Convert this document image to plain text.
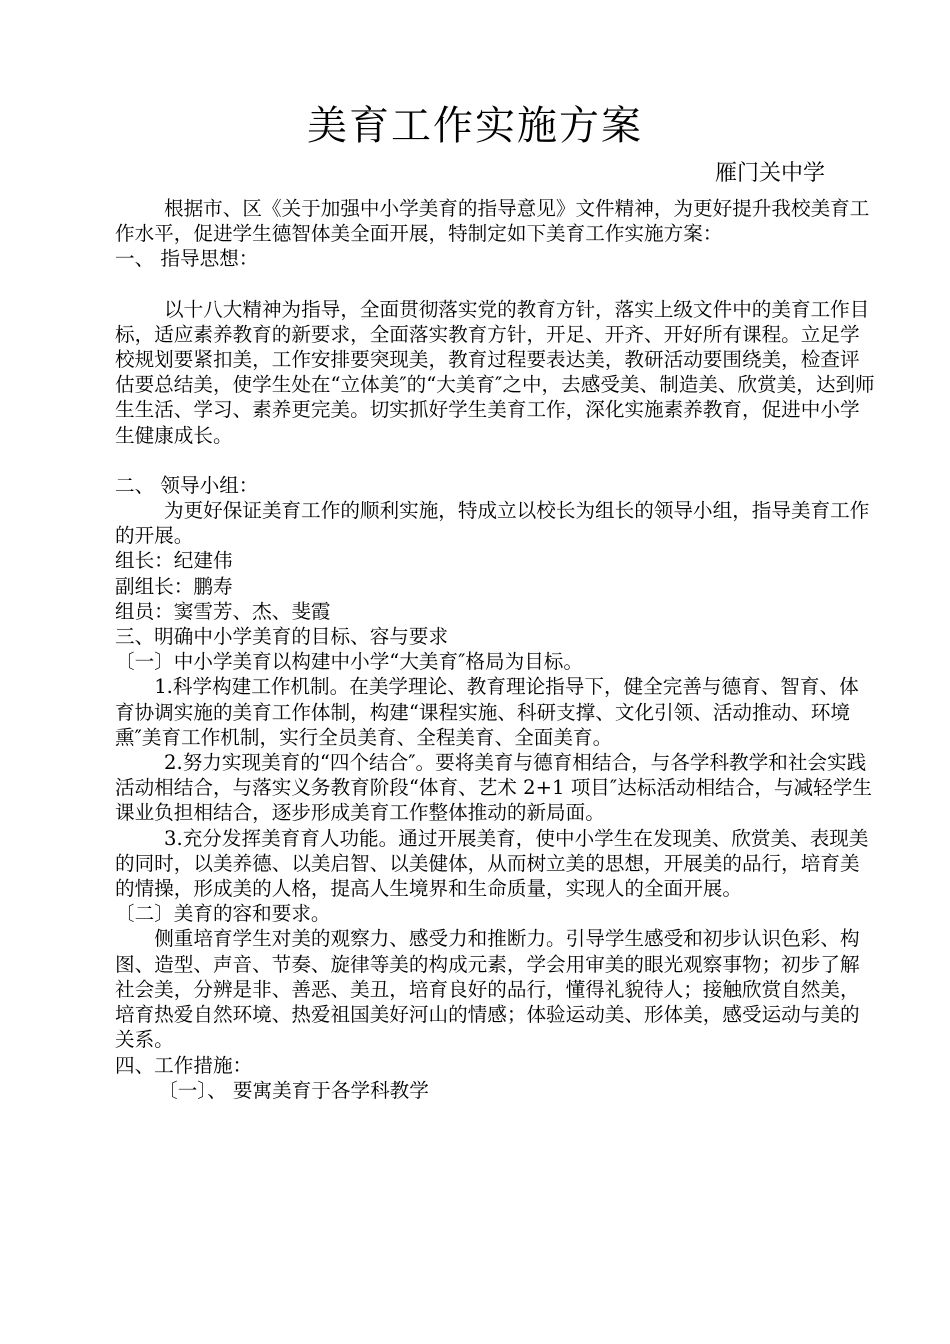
美育工作实施方案
雁门关中学

根据市、区《关于加强中小学美育的指导意见》文件精神，为更好提升我校美育工作水平，促进学生德智体美全面开展，特制定如下美育工作实施方案：

一、 指导思想：

以十八大精神为指导，全面贯彻落实党的教育方针，落实上级文件中的美育工作目标，适应素养教育的新要求，全面落实教育方针，开足、开齐、开好所有课程。立足学校规划要紧扣美，工作安排要突现美，教育过程要表达美，教研活动要围绕美，检查评估要总结美，使学生处在“立体美″的“大美育″之中，去感受美、制造美、欣赏美，达到师生生活、学习、素养更完美。切实抓好学生美育工作，深化实施素养教育，促进中小学生健康成长。

二、 领导小组：

为更好保证美育工作的顺利实施，特成立以校长为组长的领导小组，指导美育工作的开展。

组长：纪建伟

副组长：鹏寿

组员：窦雪芳、杰、斐霞

三、明确中小学美育的目标、容与要求

〔一〕中小学美育以构建中小学“大美育″格局为目标。

1.科学构建工作机制。在美学理论、教育理论指导下，健全完善与德育、智育、体育协调实施的美育工作体制，构建“课程实施、科研支撑、文化引领、活动推动、环境熏″美育工作机制，实行全员美育、全程美育、全面美育。

2.努力实现美育的“四个结合″。要将美育与德育相结合，与各学科教学和社会实践活动相结合，与落实义务教育阶段“体育、艺术 2+1 项目″达标活动相结合，与减轻学生课业负担相结合，逐步形成美育工作整体推动的新局面。

3.充分发挥美育育人功能。通过开展美育，使中小学生在发现美、欣赏美、表现美的同时，以美养德、以美启智、以美健体，从而树立美的思想，开展美的品行，培育美的情操，形成美的人格，提高人生境界和生命质量，实现人的全面开展。

〔二〕美育的容和要求。

侧重培育学生对美的观察力、感受力和推断力。引导学生感受和初步认识色彩、构图、造型、声音、节奏、旋律等美的构成元素，学会用审美的眼光观察事物；初步了解社会美，分辨是非、善恶、美丑，培育良好的品行，懂得礼貌待人；接触欣赏自然美，培育热爱自然环境、热爱祖国美好河山的情感；体验运动美、形体美，感受运动与美的关系。

四、工作措施：

〔一〕、 要寓美育于各学科教学
